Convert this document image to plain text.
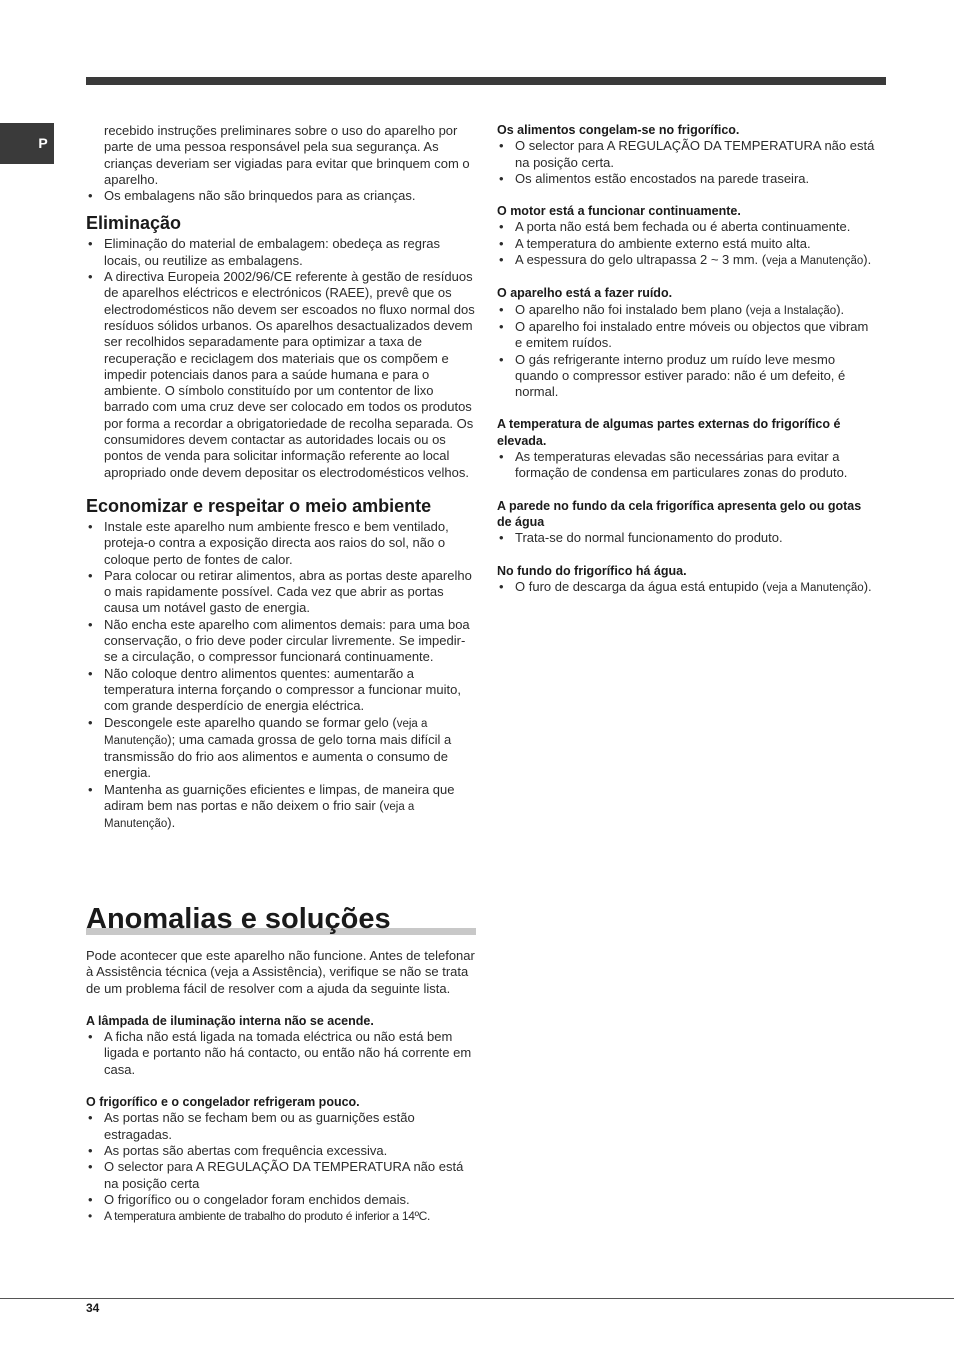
P
recebido instruções preliminares sobre o uso do aparelho por parte de uma pessoa responsável pela sua segurança. As crianças deveriam ser vigiadas para evitar que brinquem com o aparelho.
• Os embalagens não são brinquedos para as crianças.
Eliminação
• Eliminação do material de embalagem: obedeça as regras locais, ou reutilize as embalagens.
• A directiva Europeia 2002/96/CE referente à gestão de resíduos de aparelhos eléctricos e electrónicos (RAEE), prevê que os electrodomésticos não devem ser escoados no fluxo normal dos resíduos sólidos urbanos. Os aparelhos desactualizados devem ser recolhidos separadamente para optimizar a taxa de recuperação e reciclagem dos materiais que os compõem e impedir potenciais danos para a saúde humana e para o ambiente. O símbolo constituído por um contentor de lixo barrado com uma cruz deve ser colocado em todos os produtos por forma a recordar a obrigatoriedade de recolha separada. Os consumidores devem contactar as autoridades locais ou os pontos de venda para solicitar informação referente ao local apropriado onde devem depositar os electrodomésticos velhos.
Economizar e respeitar o meio ambiente
• Instale este aparelho num ambiente fresco e bem ventilado, proteja-o contra a exposição directa aos raios do sol, não o coloque perto de fontes de calor.
• Para colocar ou retirar alimentos, abra as portas deste aparelho o mais rapidamente possível. Cada vez que abrir as portas causa um notável gasto de energia.
• Não encha este aparelho com alimentos demais: para uma boa conservação, o frio deve poder circular livremente. Se impedir-se a circulação, o compressor funcionará continuamente.
• Não coloque dentro alimentos quentes: aumentarão a temperatura interna forçando o compressor a funcionar muito, com grande desperdício de energia eléctrica.
• Descongele este aparelho quando se formar gelo (veja a Manutenção); uma camada grossa de gelo torna mais difícil a transmissão do frio aos alimentos e aumenta o consumo de energia.
• Mantenha as guarnições eficientes e limpas, de maneira que adiram bem nas portas e não deixem o frio sair (veja a Manutenção).
Anomalias e soluções

Pode acontecer que este aparelho não funcione. Antes de telefonar à Assistência técnica (veja a Assistência), verifique se não se trata de um problema fácil de resolver com a ajuda da seguinte lista.

A lâmpada de iluminação interna não se acende.
• A ficha não está ligada na tomada eléctrica ou não está bem ligada e portanto não há contacto, ou então não há corrente em casa.
O frigorífico e o congelador refrigeram pouco.
• As portas não se fecham bem ou as guarnições estão estragadas.
• As portas são abertas com frequência excessiva.
• O selector para A REGULAÇÃO DA TEMPERATURA não está na posição certa
• O frigorífico ou o congelador foram enchidos demais.
• A temperatura ambiente de trabalho do produto é inferior a 14ºC.
Os alimentos congelam-se no frigorífico.
• O selector para A REGULAÇÃO DA TEMPERATURA não está na posição certa.
• Os alimentos estão encostados na parede traseira.
O motor está a funcionar continuamente.
• A porta não está bem fechada ou é aberta continuamente.
• A temperatura do ambiente externo está muito alta.
• A espessura do gelo ultrapassa 2 ~ 3 mm. (veja a Manutenção).
O aparelho está a fazer ruído.
• O aparelho não foi instalado bem plano (veja a Instalação).
• O aparelho foi instalado entre móveis ou objectos que vibram e emitem ruídos.
• O gás refrigerante interno produz um ruído leve mesmo quando o compressor estiver parado: não é um defeito, é normal.
A temperatura de algumas partes externas do frigorífico é elevada.
• As temperaturas elevadas são necessárias para evitar a formação de condensa em particulares zonas do produto.
A parede no fundo da cela frigorífica apresenta gelo ou gotas de água
• Trata-se do normal funcionamento do produto.
No fundo do frigorífico há água.
• O furo de descarga da água está entupido (veja a Manutenção).
34
